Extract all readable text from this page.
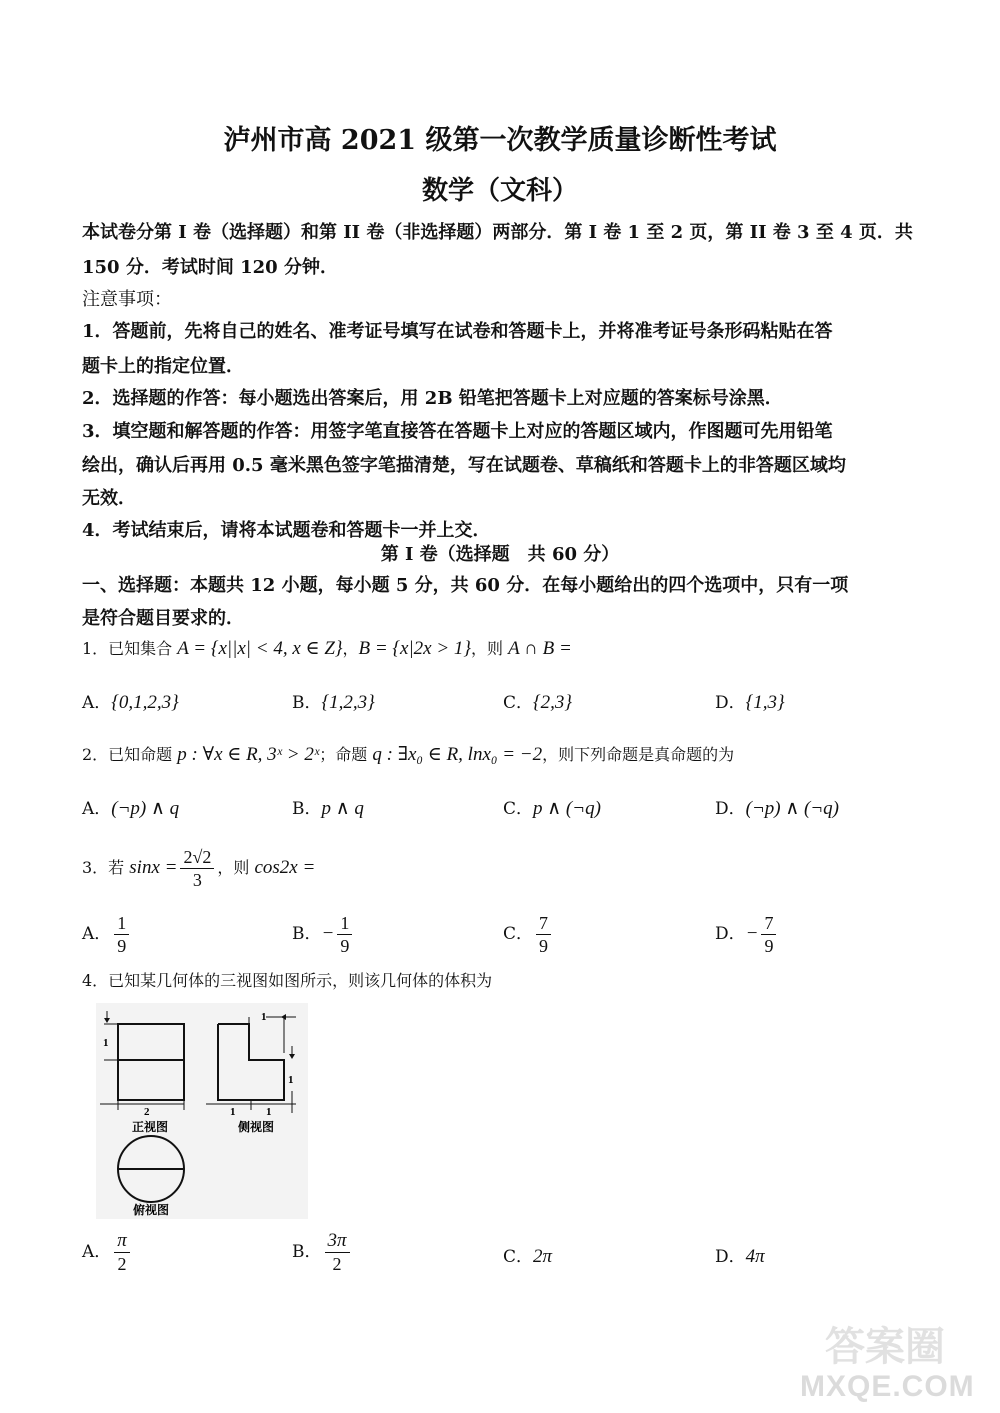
泸州市高 2021 级第一次教学质量诊断性考试
数学（文科）
本试卷分第 I 卷（选择题）和第 II 卷（非选择题）两部分．第 I 卷 1 至 2 页，第 II 卷 3 至 4 页．共
150 分．考试时间 120 分钟．
注意事项：
1．答题前，先将自己的姓名、准考证号填写在试卷和答题卡上，并将准考证号条形码粘贴在答
题卡上的指定位置．
2．选择题的作答：每小题选出答案后，用 2B 铅笔把答题卡上对应题的答案标号涂黑．
3．填空题和解答题的作答：用签字笔直接答在答题卡上对应的答题区域内，作图题可先用铅笔
绘出，确认后再用 0.5 毫米黑色签字笔描清楚，写在试题卷、草稿纸和答题卡上的非答题区域均
无效．
4．考试结束后，请将本试题卷和答题卡一并上交．
第 I 卷（选择题　共 60 分）
一、选择题：本题共 12 小题，每小题 5 分，共 60 分．在每小题给出的四个选项中，只有一项
是符合题目要求的．
1．已知集合 A = {x||x| < 4, x ∈ Z}，B = {x|2x > 1}，则 A ∩ B =
A．{0,1,2,3}	B．{1,2,3}	C．{2,3}	D．{1,3}
2．已知命题 p : ∀x ∈ R, 3ˣ > 2ˣ；命题 q : ∃x₀ ∈ R, lnx₀ = −2，则下列命题是真命题的为
A．(¬p) ∧ q	B．p ∧ q	C．p ∧ (¬q)	D．(¬p) ∧ (¬q)
3．若 $\sin x = \frac{2√2}{3}$ ，则 cos2x =
A． $\frac{1}{9}$	B．− $\frac{1}{9}$	C． $\frac{7}{9}$	D．− $\frac{7}{9}$
4．已知某几何体的三视图如图所示，则该几何体的体积为
1
2
正视图
1
1
1	1
侧视图
俯视图
A． $\frac{\pi}{2}$	B． $\frac{3\pi}{2}$	C．2π	D．4π
答案圈
MXQE.COM
